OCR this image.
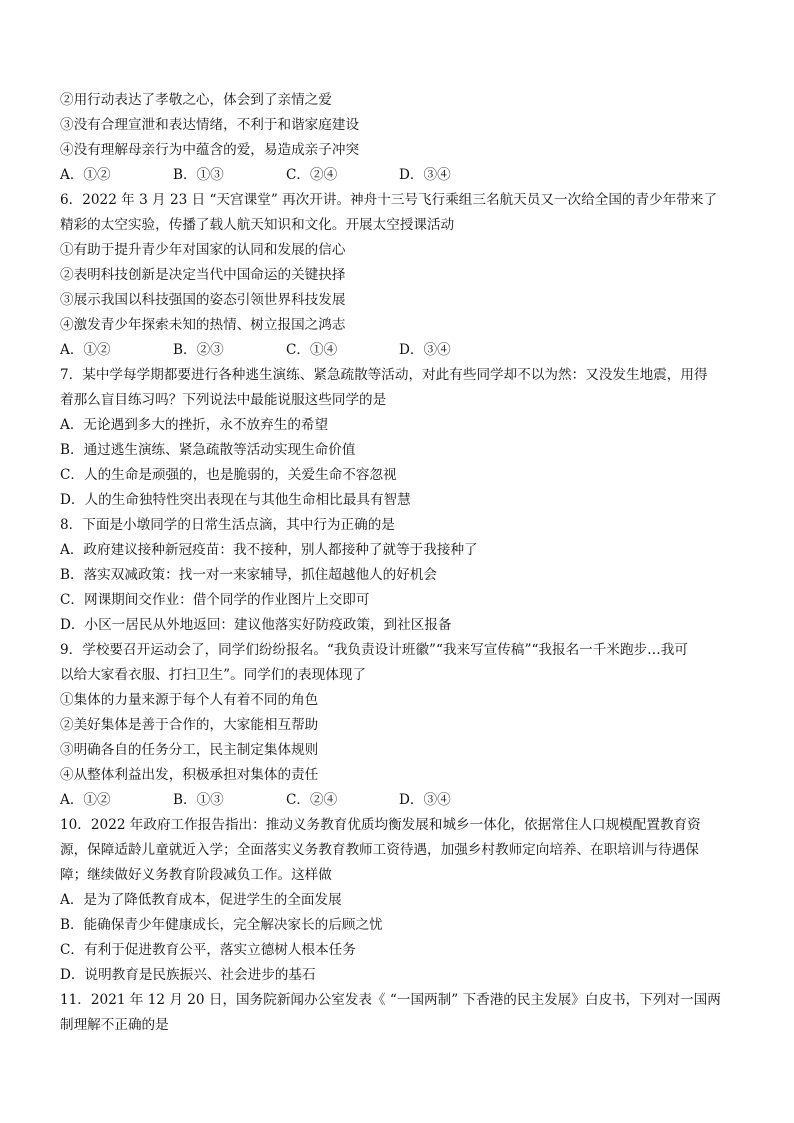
②用行动表达了孝敬之心，体会到了亲情之爱
③没有合理宣泄和表达情绪，不利于和谐家庭建设
④没有理解母亲行为中蕴含的爱，易造成亲子冲突
A．①②	B．①③	C．②④	D．③④
6．2022 年 3 月 23 日 “天宫课堂” 再次开讲。神舟十三号飞行乘组三名航天员又一次给全国的青少年带来了
精彩的太空实验，传播了载人航天知识和文化。开展太空授课活动
①有助于提升青少年对国家的认同和发展的信心
②表明科技创新是决定当代中国命运的关键抉择
③展示我国以科技强国的姿态引领世界科技发展
④激发青少年探索未知的热情、树立报国之鸿志
A．①②	B．②③	C．①④	D．③④
7．某中学每学期都要进行各种逃生演练、紧急疏散等活动，对此有些同学却不以为然：又没发生地震，用得
着那么盲目练习吗？下列说法中最能说服这些同学的是
A．无论遇到多大的挫折，永不放弃生的希望
B．通过逃生演练、紧急疏散等活动实现生命价值
C．人的生命是顽强的，也是脆弱的，关爱生命不容忽视
D．人的生命独特性突出表现在与其他生命相比最具有智慧
8．下面是小墩同学的日常生活点滴，其中行为正确的是
A．政府建议接种新冠疫苗：我不接种，别人都接种了就等于我接种了
B．落实双减政策：找一对一来家辅导，抓住超越他人的好机会
C．网课期间交作业：借个同学的作业图片上交即可
D．小区一居民从外地返回：建议他落实好防疫政策，到社区报备
9．学校要召开运动会了，同学们纷纷报名。“我负责设计班徽”“我来写宣传稿”“我报名一千米跑步…我可
以给大家看衣服、打扫卫生”。同学们的表现体现了
①集体的力量来源于每个人有着不同的角色
②美好集体是善于合作的，大家能相互帮助
③明确各自的任务分工，民主制定集体规则
④从整体利益出发，积极承担对集体的责任
A．①②	B．①③	C．②④	D．③④
10．2022 年政府工作报告指出：推动义务教育优质均衡发展和城乡一体化，依据常住人口规模配置教育资
源，保障适龄儿童就近入学；全面落实义务教育教师工资待遇，加强乡村教师定向培养、在职培训与待遇保
障；继续做好义务教育阶段减负工作。这样做
A．是为了降低教育成本，促进学生的全面发展
B．能确保青少年健康成长，完全解决家长的后顾之忧
C．有利于促进教育公平，落实立德树人根本任务
D．说明教育是民族振兴、社会进步的基石
11．2021 年 12 月 20 日，国务院新闻办公室发表《 “一国两制” 下香港的民主发展》白皮书，下列对一国两
制理解不正确的是
